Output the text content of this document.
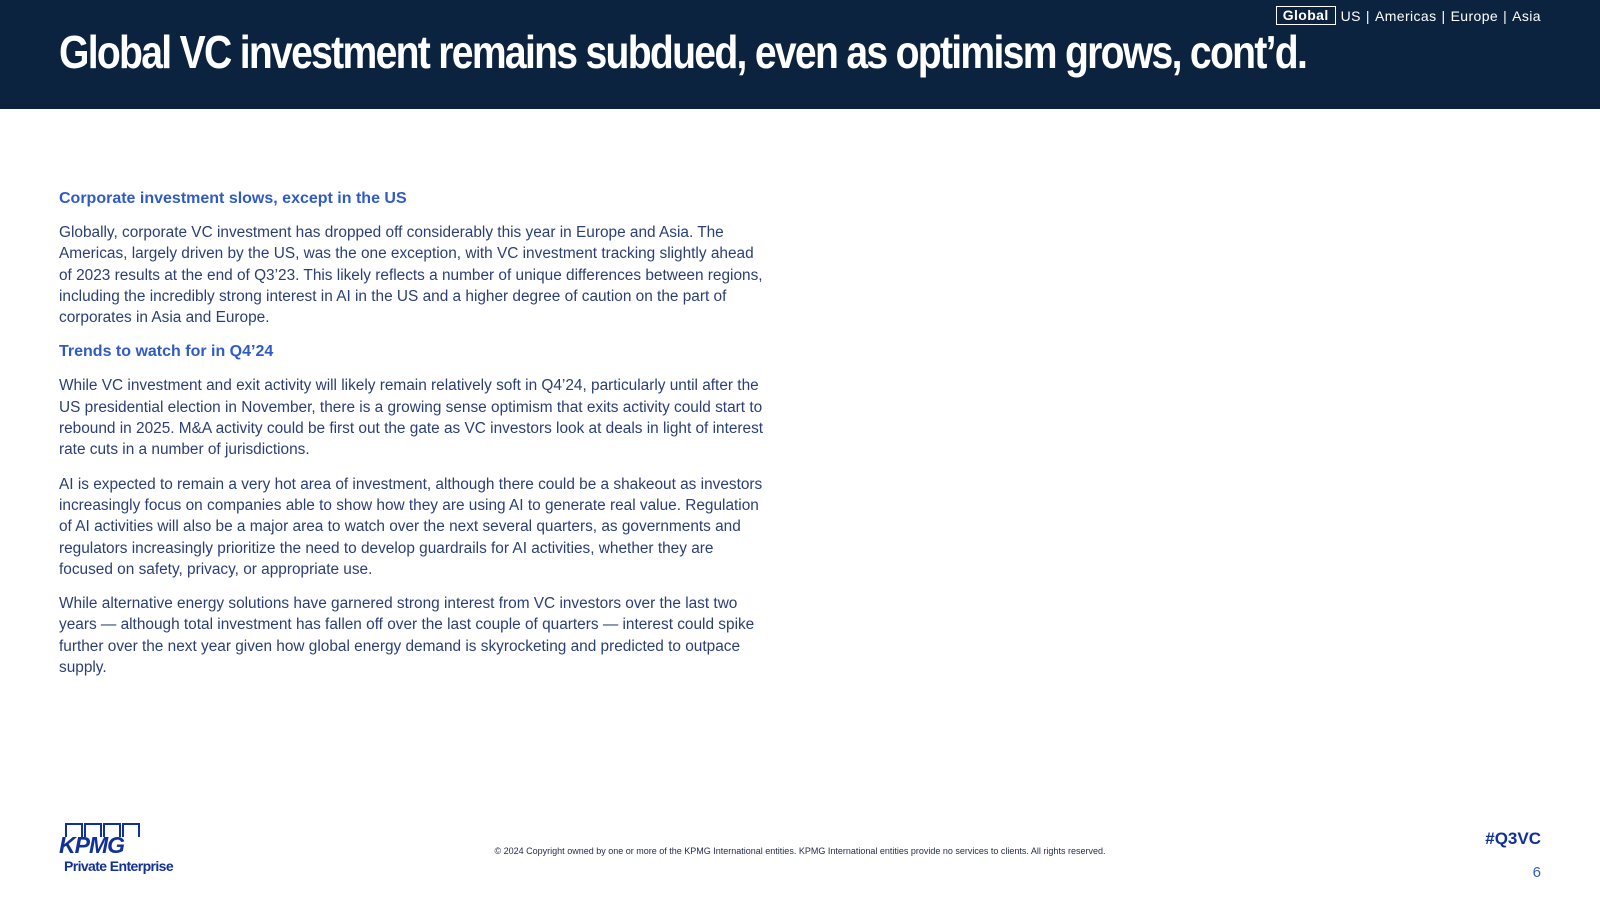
Global VC investment remains subdued, even as optimism grows, cont’d.
Global US | Americas | Europe | Asia
Corporate investment slows, except in the US

Globally, corporate VC investment has dropped off considerably this year in Europe and Asia. The Americas, largely driven by the US, was the one exception, with VC investment tracking slightly ahead of 2023 results at the end of Q3’23. This likely reflects a number of unique differences between regions, including the incredibly strong interest in AI in the US and a higher degree of caution on the part of corporates in Asia and Europe.

Trends to watch for in Q4’24

While VC investment and exit activity will likely remain relatively soft in Q4’24, particularly until after the US presidential election in November, there is a growing sense optimism that exits activity could start to rebound in 2025. M&A activity could be first out the gate as VC investors look at deals in light of interest rate cuts in a number of jurisdictions.

AI is expected to remain a very hot area of investment, although there could be a shakeout as investors increasingly focus on companies able to show how they are using AI to generate real value. Regulation of AI activities will also be a major area to watch over the next several quarters, as governments and regulators increasingly prioritize the need to develop guardrails for AI activities, whether they are focused on safety, privacy, or appropriate use.

While alternative energy solutions have garnered strong interest from VC investors over the last two years — although total investment has fallen off over the last couple of quarters — interest could spike further over the next year given how global energy demand is skyrocketing and predicted to outpace supply.

KPMG
Private Enterprise
© 2024 Copyright owned by one or more of the KPMG International entities. KPMG International entities provide no services to clients. All rights reserved.
#Q3VC
6
